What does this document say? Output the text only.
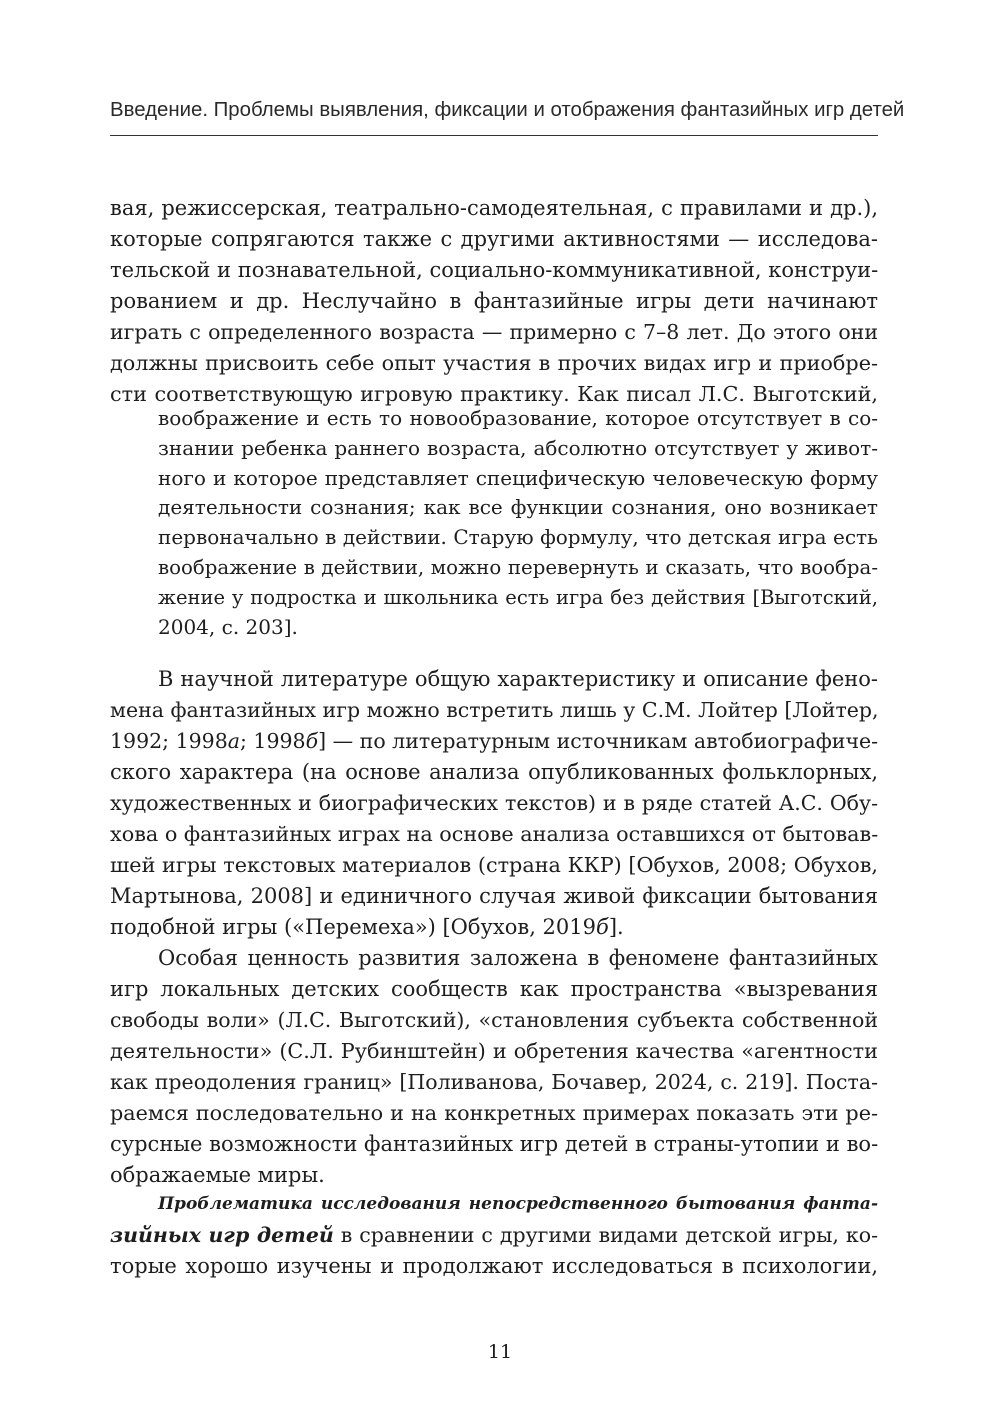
Введение. Проблемы выявления, фиксации и отображения фантазийных игр детей
вая, режиссерская, театрально-самодеятельная, с правилами и др.),
которые сопрягаются также с другими активностями — исследова-
тельской и познавательной, социально-коммуникативной, конструи-
рованием и др. Неслучайно в фантазийные игры дети начинают
играть с определенного возраста — примерно с 7–8 лет. До этого они
должны присвоить себе опыт участия в прочих видах игр и приобре-
сти соответствующую игровую практику. Как писал Л.С. Выготский,
воображение и есть то новообразование, которое отсутствует в со-
знании ребенка раннего возраста, абсолютно отсутствует у живот-
ного и которое представляет специфическую человеческую форму
деятельности сознания; как все функции сознания, оно возникает
первоначально в действии. Старую формулу, что детская игра есть
воображение в действии, можно перевернуть и сказать, что вообра-
жение у подростка и школьника есть игра без действия [Выготский,
2004, с. 203].
В научной литературе общую характеристику и описание фено-
мена фантазийных игр можно встретить лишь у С.М. Лойтер [Лойтер,
1992; 1998а; 1998б] — по литературным источникам автобиографиче-
ского характера (на основе анализа опубликованных фольклорных,
художественных и биографических текстов) и в ряде статей А.С. Обу-
хова о фантазийных играх на основе анализа оставшихся от бытовав-
шей игры текстовых материалов (страна ККР) [Обухов, 2008; Обухов,
Мартынова, 2008] и единичного случая живой фиксации бытования
подобной игры («Перемеха») [Обухов, 2019б].
Особая ценность развития заложена в феномене фантазийных
игр локальных детских сообществ как пространства «вызревания
свободы воли» (Л.С. Выготский), «становления субъекта собственной
деятельности» (С.Л. Рубинштейн) и обретения качества «агентности
как преодоления границ» [Поливанова, Бочавер, 2024, с. 219]. Поста-
раемся последовательно и на конкретных примерах показать эти ре-
сурсные возможности фантазийных игр детей в страны-утопии и во-
ображаемые миры.
Проблематика исследования непосредственного бытования фанта-
зийных игр детей в сравнении с другими видами детской игры, ко-
торые хорошо изучены и продолжают исследоваться в психологии,
11
